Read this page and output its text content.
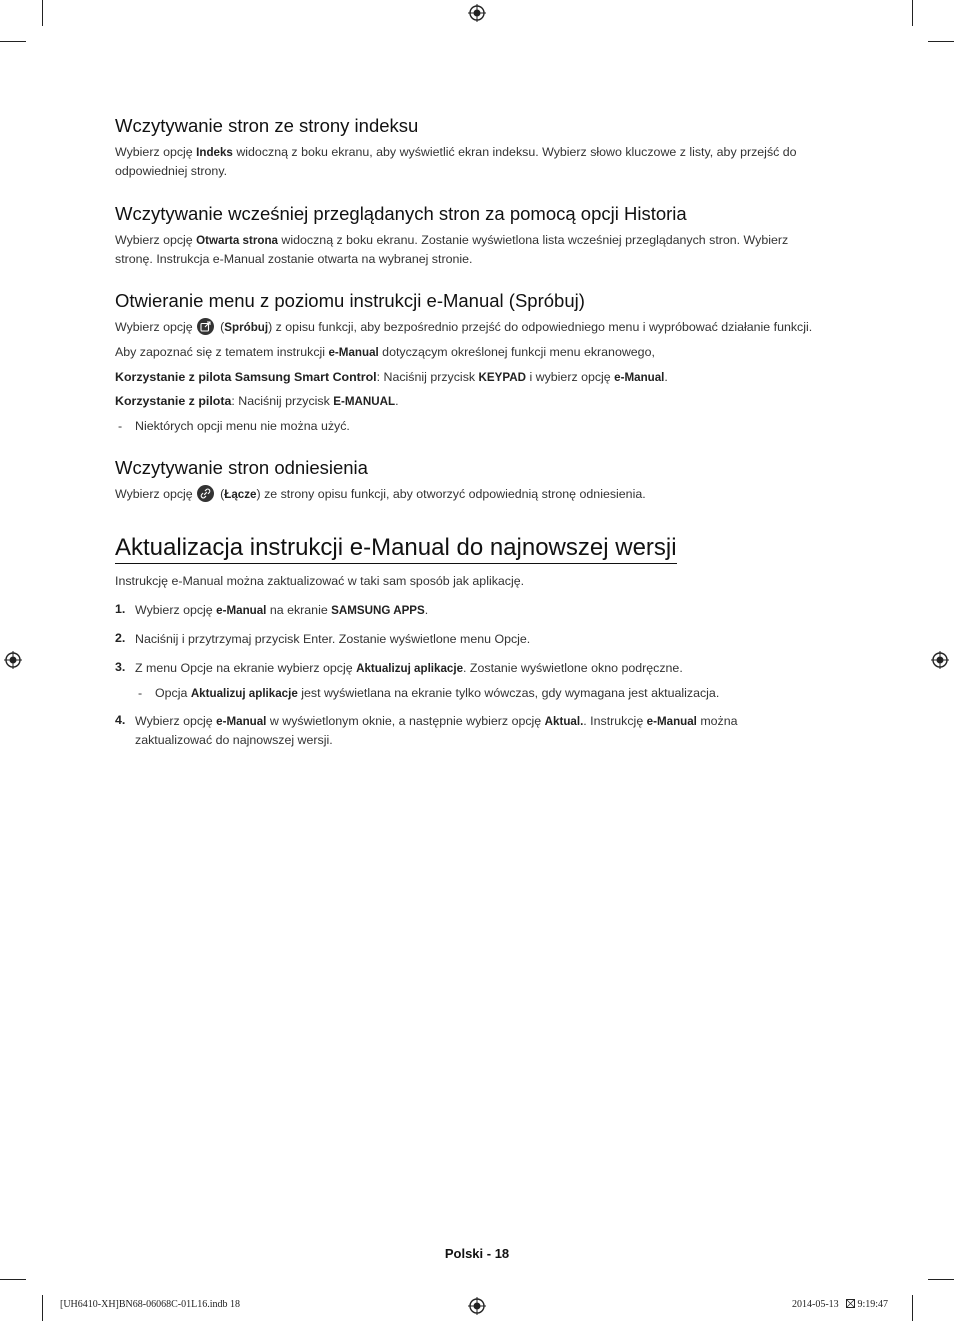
Wczytywanie stron ze strony indeksu

Wybierz opcję Indeks widoczną z boku ekranu, aby wyświetlić ekran indeksu. Wybierz słowo kluczowe z listy, aby przejść do
odpowiedniej strony.

Wczytywanie wcześniej przeglądanych stron za pomocą opcji Historia

Wybierz opcję Otwarta strona widoczną z boku ekranu. Zostanie wyświetlona lista wcześniej przeglądanych stron. Wybierz
stronę. Instrukcja e-Manual zostanie otwarta na wybranej stronie.

Otwieranie menu z poziomu instrukcji e-Manual (Spróbuj)

Wybierz opcję
(Spróbuj) z opisu funkcji, aby bezpośrednio przejść do odpowiedniego menu i wypróbować działanie funkcji.

Aby zapoznać się z tematem instrukcji e-Manual dotyczącym określonej funkcji menu ekranowego,

Korzystanie z pilota Samsung Smart Control: Naciśnij przycisk KEYPAD i wybierz opcję e-Manual.

Korzystanie z pilota: Naciśnij przycisk E-MANUAL.

- Niektórych opcji menu nie można użyć.

Wczytywanie stron odniesienia

Wybierz opcję
(Łącze) ze strony opisu funkcji, aby otworzyć odpowiednią stronę odniesienia.

Aktualizacja instrukcji e-Manual do najnowszej wersji

Instrukcję e-Manual można zaktualizować w taki sam sposób jak aplikację.

1. Wybierz opcję e-Manual na ekranie SAMSUNG APPS.

2. Naciśnij i przytrzymaj przycisk Enter. Zostanie wyświetlone menu Opcje.

3. Z menu Opcje na ekranie wybierz opcję Aktualizuj aplikacje. Zostanie wyświetlone okno podręczne.

- Opcja Aktualizuj aplikacje jest wyświetlana na ekranie tylko wówczas, gdy wymagana jest aktualizacja.

4. Wybierz opcję e-Manual w wyświetlonym oknie, a następnie wybierz opcję Aktual.. Instrukcję e-Manual można
zaktualizować do najnowszej wersji.

Polski - 18
[UH6410-XH]BN68-06068C-01L16.indb 18	2014-05-13	9:19:47
